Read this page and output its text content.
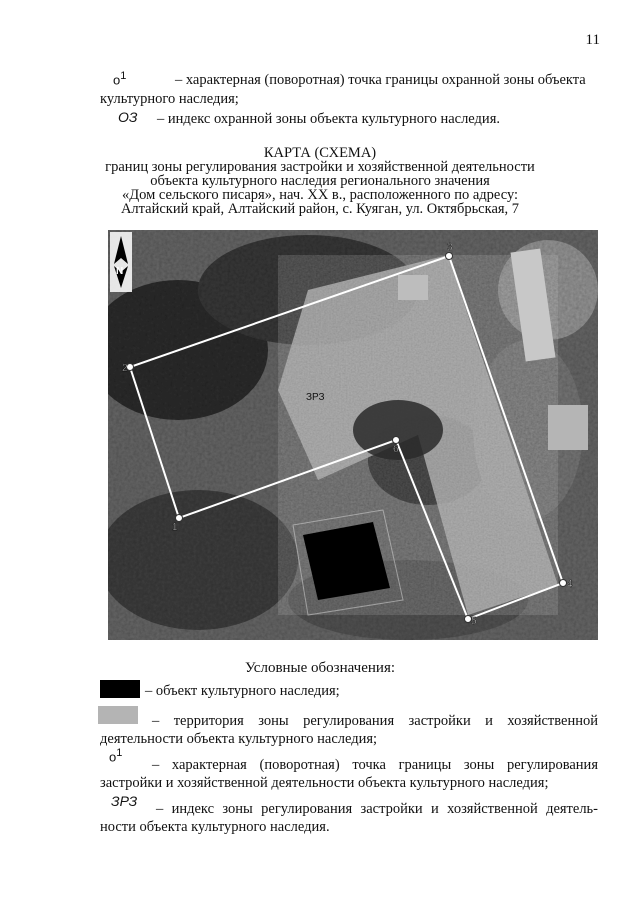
11
$о^1$	– характерная (поворотная) точка границы охранной зоны объекта
культурного наследия;
ОЗ – индекс охранной зоны объекта культурного наследия.
КАРТА (СХЕМА)
границ зоны регулирования застройки и хозяйственной деятельности
объекта культурного наследия регионального значения
«Дом сельского писаря», нач. XX в., расположенного по адресу:
Алтайский край, Алтайский район, с. Куяган, ул. Октябрьская, 7
1
2
3
4
5
6
ЗРЗ
N
Условные обозначения:
– объект культурного наследия;
– территория зоны регулирования застройки и хозяйственной
деятельности объекта культурного наследия;
$о^1$
– характерная (поворотная) точка границы зоны регулирования
застройки и хозяйственной деятельности объекта культурного наследия;
ЗРЗ – индекс зоны регулирования застройки и хозяйственной деятель-
ности объекта культурного наследия.
